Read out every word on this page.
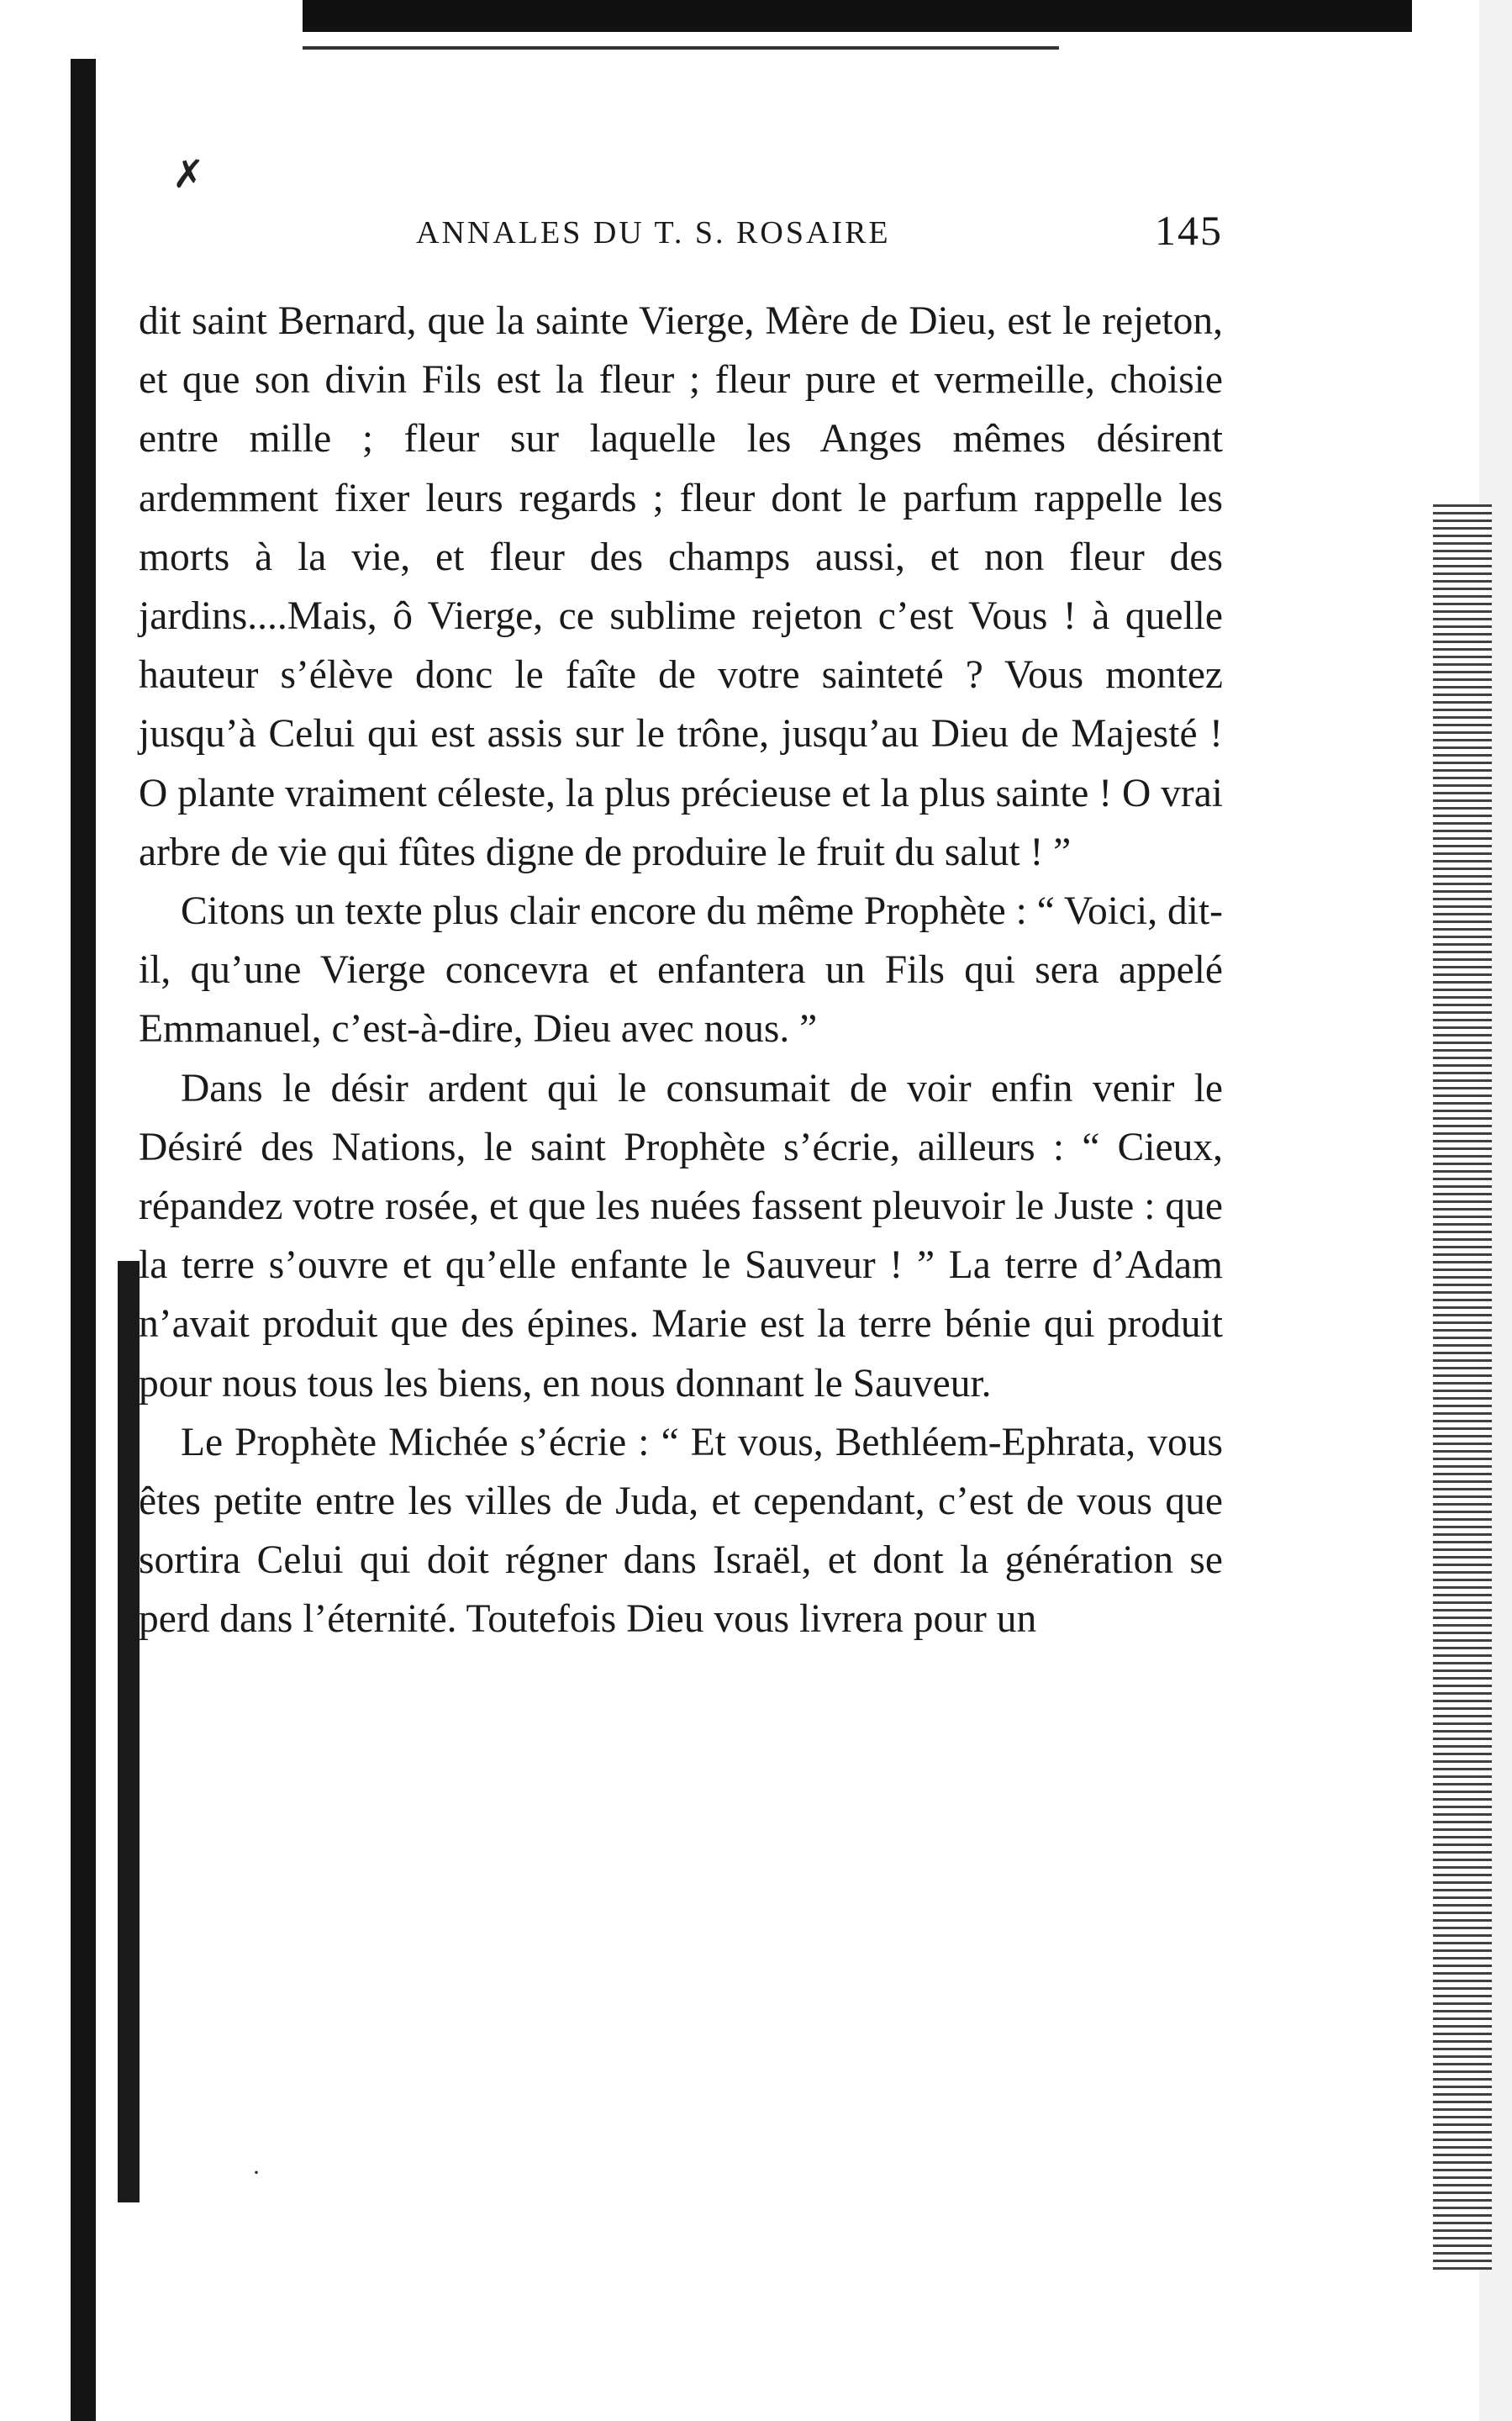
✗
·
ANNALES DU T. S. ROSAIRE	145

dit saint Bernard, que la sainte Vierge, Mère de Dieu, est le rejeton, et que son divin Fils est la fleur ; fleur pure et vermeille, choisie entre mille ; fleur sur laquelle les Anges mêmes désirent ardemment fixer leurs regards ; fleur dont le parfum rappelle les morts à la vie, et fleur des champs aussi, et non fleur des jardins....Mais, ô Vierge, ce sublime rejeton c’est Vous ! à quelle hauteur s’élève donc le faîte de votre sainteté ? Vous montez jusqu’à Celui qui est assis sur le trône, jusqu’au Dieu de Majesté ! O plante vraiment céleste, la plus précieuse et la plus sainte ! O vrai arbre de vie qui fûtes digne de produire le fruit du salut ! ”

Citons un texte plus clair encore du même Prophète : “ Voici, dit-il, qu’une Vierge concevra et enfantera un Fils qui sera appelé Emmanuel, c’est-à-dire, Dieu avec nous. ”

Dans le désir ardent qui le consumait de voir enfin venir le Désiré des Nations, le saint Prophète s’écrie, ailleurs : “ Cieux, répandez votre rosée, et que les nuées fassent pleuvoir le Juste : que la terre s’ouvre et qu’elle enfante le Sauveur ! ” La terre d’Adam n’avait produit que des épines. Marie est la terre bénie qui produit pour nous tous les biens, en nous donnant le Sauveur.

Le Prophète Michée s’écrie : “ Et vous, Bethléem-Ephrata, vous êtes petite entre les villes de Juda, et cependant, c’est de vous que sortira Celui qui doit régner dans Israël, et dont la génération se perd dans l’éternité. Toutefois Dieu vous livrera pour un
